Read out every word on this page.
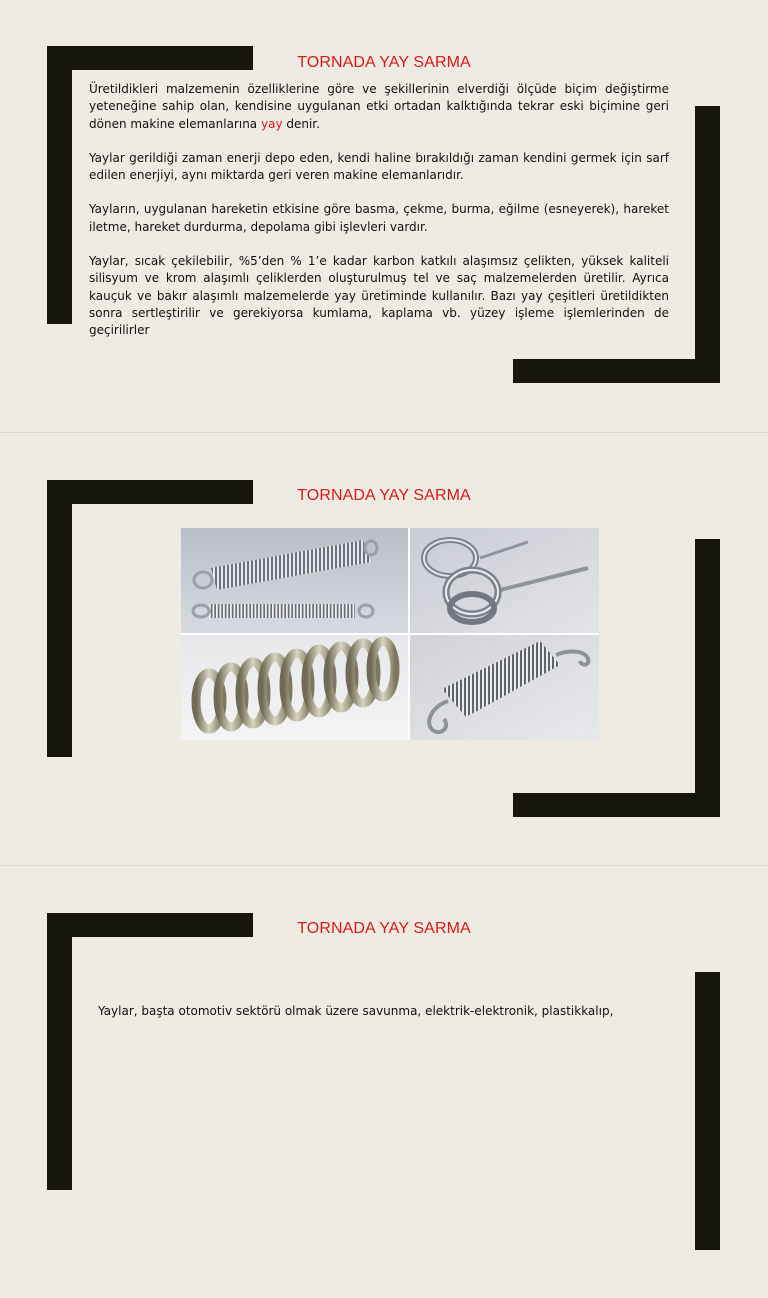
TORNADA YAY SARMA

Üretildikleri malzemenin özelliklerine göre ve şekillerinin elverdiği ölçüde biçim değiştirme yeteneğine sahip olan, kendisine uygulanan etki ortadan kalktığında tekrar eski biçimine geri dönen makine elemanlarına yay denir.

Yaylar gerildiği zaman enerji depo eden, kendi haline bırakıldığı zaman kendini germek için sarf edilen enerjiyi, aynı miktarda geri veren makine elemanlarıdır.

Yayların, uygulanan hareketin etkisine göre basma, çekme, burma, eğilme (esneyerek), hareket iletme, hareket durdurma, depolama gibi işlevleri vardır.

Yaylar, sıcak çekilebilir, %5’den % 1’e kadar karbon katkılı alaşımsız çelikten, yüksek kaliteli silisyum ve krom alaşımlı çeliklerden oluşturulmuş tel ve saç malzemelerden üretilir. Ayrıca kauçuk ve bakır alaşımlı malzemelerde yay üretiminde kullanılır. Bazı yay çeşitleri üretildikten sonra sertleştirilir ve gerekiyorsa kumlama, kaplama vb. yüzey işleme işlemlerinden de geçirilirler

TORNADA YAY SARMA
TORNADA YAY SARMA

Yaylar, başta otomotiv sektörü olmak üzere savunma, elektrik-elektronik, plastikkalıp,
